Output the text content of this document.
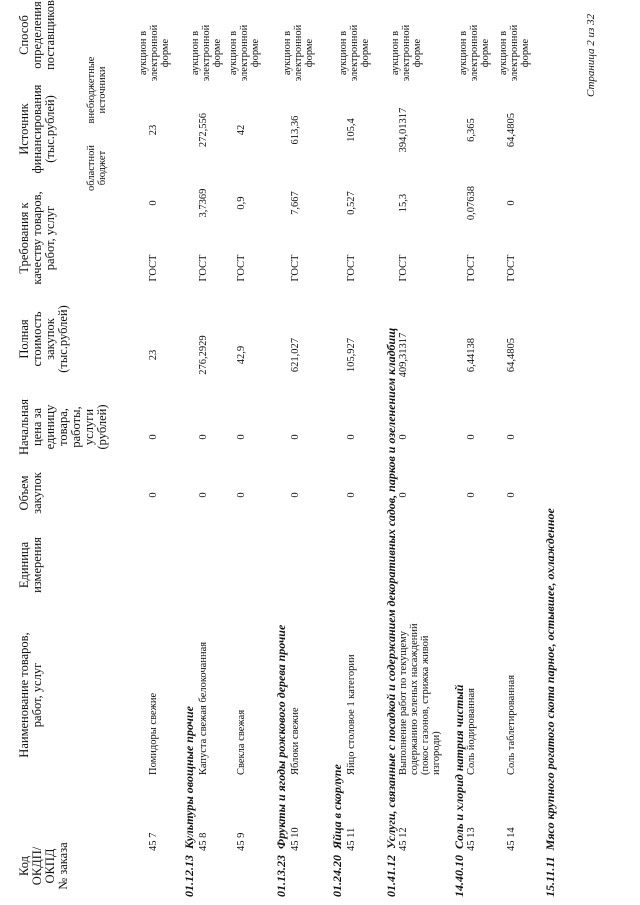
Код
ОКДП/
ОКПД
№ заказа
Наименование товаров,
работ, услуг
Единица
измерения
Объем
закупок
Начальная
цена за
единицу
товара,
работы,
услуги
(рублей)
Полная
стоимость
закупок
(тыс.рублей)
Требования к
качеству товаров,
работ, услуг
Источник
финансирования
(тыс.рублей)
областной
бюджет
внебюджетные
источники
Способ
определения
поставщиков
45 7
Помидоры свежие
0
0
23
ГОСТ
0
23
аукцион в
электронной
форме
01.12.13  Культуры овощные прочие 45 8
Капуста свежая белокочанная
0
0
276,2929
ГОСТ
3,7369
272,556
аукцион в
электронной
форме
45 9
Свекла свежая
0
0
42,9
ГОСТ
0,9
42
аукцион в
электронной
форме
01.13.23  Фрукты и ягоды рожкового дерева прочие 45 10
Яблоки свежие
0
0
621,027
ГОСТ
7,667
613,36
аукцион в
электронной
форме
01.24.20  Яйца в скорлупе 45 11
Яйцо столовое 1 категории
0
0
105,927
ГОСТ
0,527
105,4
аукцион в
электронной
форме
01.41.12  Услуги, связанные с посадкой и содержанием декоративных садов, парков и озеленением кладбищ 45 12
Выполнение работ по текущему
содержанию зеленых насаждений
(покос газонов, стрижка живой
изгороди)
0
0
409,31317
ГОСТ
15,3
394,01317
аукцион в
электронной
форме
14.40.10  Соль и хлорид натрия чистый 45 13
Соль йодированная
0
0
6,44138
ГОСТ
0,07638
6,365
аукцион в
электронной
форме
45 14
Соль таблетированная
0
0
64,4805
ГОСТ
0
64,4805
аукцион в
электронной
форме
15.11.11  Мясо крупного рогатого скота парное, остывшее, охлажденное
Страница 2 из 32
